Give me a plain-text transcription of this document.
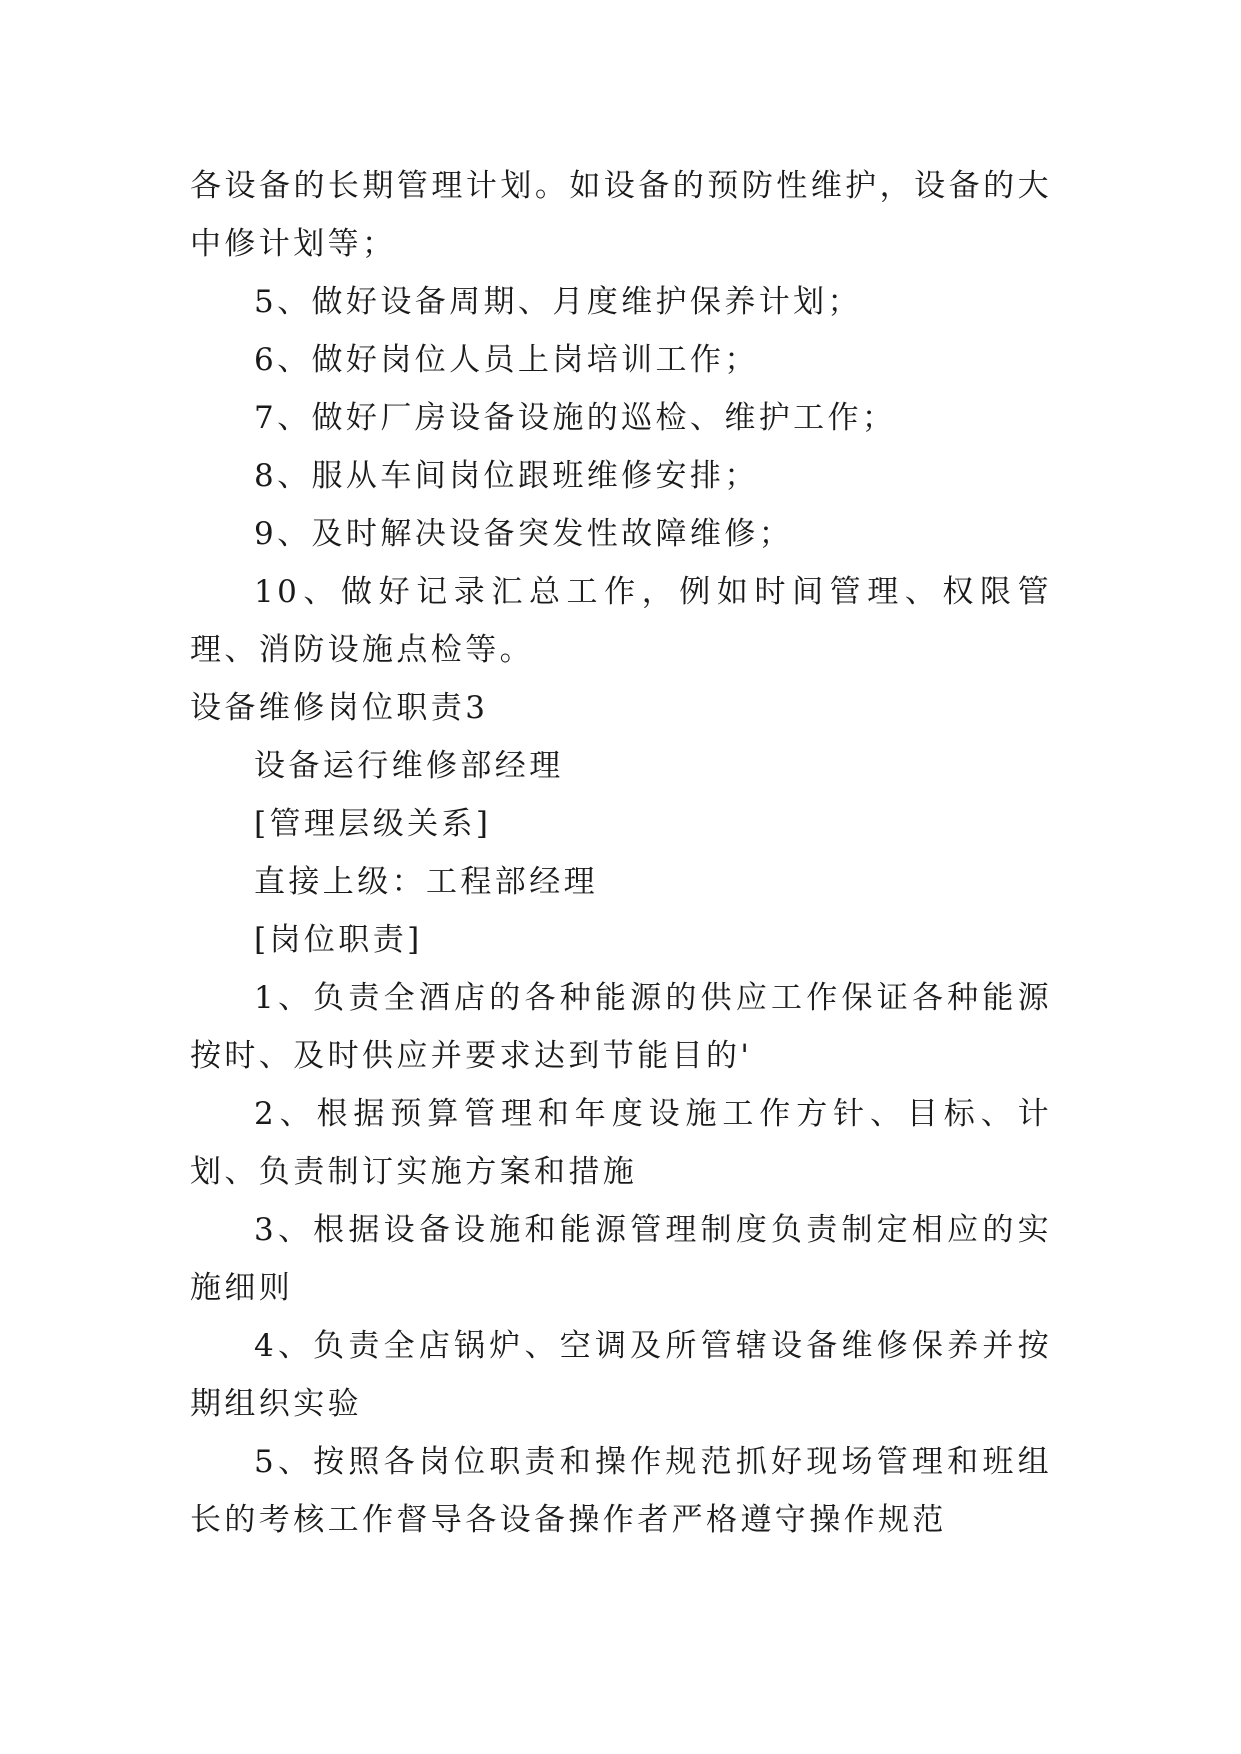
各设备的长期管理计划。如设备的预防性维护，设备的大中修计划等；

5、做好设备周期、月度维护保养计划；

6、做好岗位人员上岗培训工作；

7、做好厂房设备设施的巡检、维护工作；

8、服从车间岗位跟班维修安排；

9、及时解决设备突发性故障维修；

10、做好记录汇总工作，例如时间管理、权限管理、消防设施点检等。

设备维修岗位职责3

设备运行维修部经理

[管理层级关系]

直接上级：工程部经理

[岗位职责]

1、负责全酒店的各种能源的供应工作保证各种能源按时、及时供应并要求达到节能目的'

2、根据预算管理和年度设施工作方针、目标、计划、负责制订实施方案和措施

3、根据设备设施和能源管理制度负责制定相应的实施细则

4、负责全店锅炉、空调及所管辖设备维修保养并按期组织实验

5、按照各岗位职责和操作规范抓好现场管理和班组长的考核工作督导各设备操作者严格遵守操作规范
